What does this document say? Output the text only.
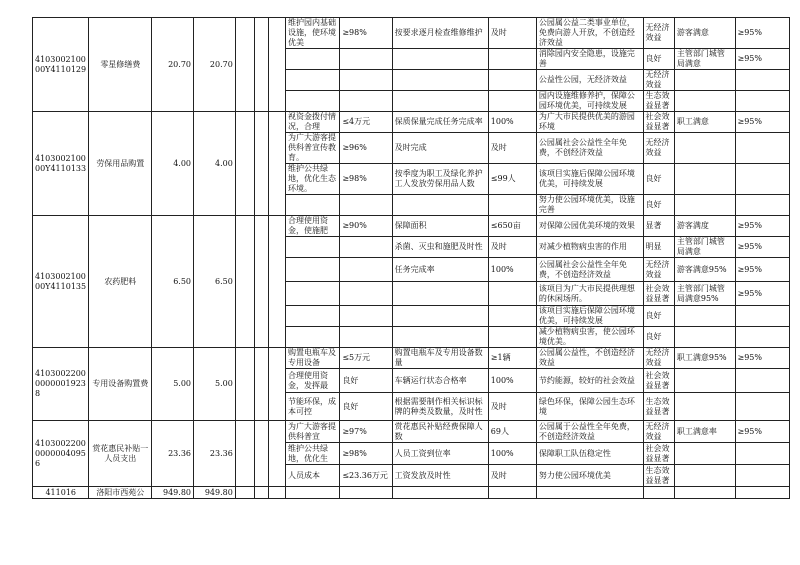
410300210000Y4110129	零星修缮费	20.70	20.70				维护园内基础设施，使环境优美	≥98%	按要求逐月检查维修维护	及时	公园属公益二类事业单位，免费向游人开放，不创造经济效益	无经济效益	游客满意	≥95%
											消除园内安全隐患，设施完善	良好	主管部门城管局满意	≥95%
											公益性公园，无经济效益	无经济效益		
											园内设施维修养护，保障公园环境优美，可持续发展	生态效益显著		
410300210000Y4110133	劳保用品购置	4.00	4.00				视资金拨付情况，合理	≤4万元	保质保量完成任务完成率	100%	为广大市民提供优美的游园环境	社会效益显著	职工满意	≥95%
							为广大游客提供科普宣传教育。	≥96%	及时完成	及时	公园属社会公益性全年免费，不创经济效益	无经济效益		
							维护公共绿地，优化生态环境。	≥98%	按季度为职工及绿化养护工人发放劳保用品人数	≤99人	该项目实施后保障公园环境优美，可持续发展	良好		
											努力使公园环境优美，设施完善	良好		
410300210000Y4110135	农药肥料	6.50	6.50				合理使用资金，使施肥	≥90%	保障面积	≤650亩	对保障公园优美环境的效果	显著	游客满度	≥95%
									杀菌、灭虫和施肥及时性	及时	对减少植物病虫害的作用	明显	主管部门城管局满意	≥95%
									任务完成率	100%	公园属社会公益性全年免费，不创造经济效益	无经济效益	游客满意95%	≥95%
											该项目为广大市民提供理想的休闲场所。	社会效益显著	主管部门城管局满意95%	≥95%
											该项目实施后保障公园环境优美，可持续发展	良好		
											减少植物病虫害，使公园环境优美。	良好		
410300220000000019238	专用设备购置费	5.00	5.00				购置电瓶车及专用设备	≤5万元	购置电瓶车及专用设备数量	≥1辆	公园属公益性，不创造经济效益	无经济效益	职工满意95%	≥95%
							合理使用资金，发挥最	良好	车辆运行状态合格率	100%	节约能源，较好的社会效益	社会效益显著		
							节能环保，成本可控	良好	根据需要制作相关标识标牌的种类及数量，及时性	及时	绿色环保，保障公园生态环境	生态效益显著		
410300220000000040956	赏花惠民补贴一人员支出	23.36	23.36				为广大游客提供科普宣	≥97%	赏花惠民补贴经费保障人数	69人	公园属于公益性全年免费，不创造经济效益	无经济效益	职工满意率	≥95%
							维护公共绿地，优化生	≥98%	人员工资到位率	100%	保障职工队伍稳定性	社会效益显著		
							人员成本	≤23.36万元	工资发放及时性	及时	努力使公园环境优美	生态效益显著		
411016	洛阳市西苑公	949.80	949.80											
